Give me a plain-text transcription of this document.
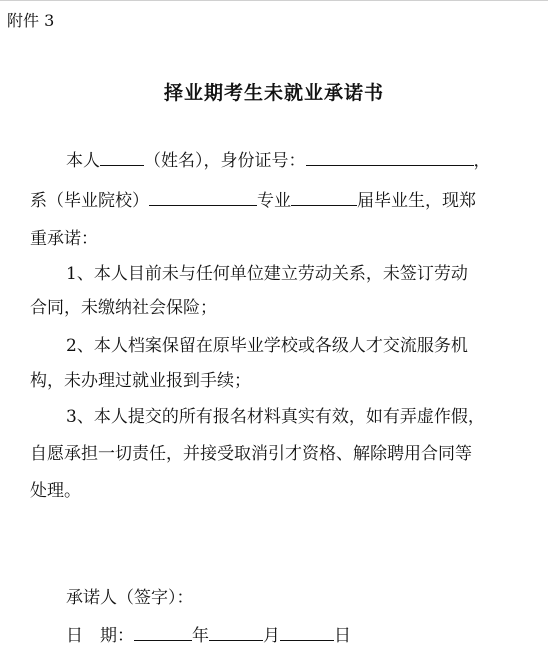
附件 3
择业期考生未就业承诺书
本人	（姓名），身份证号：	，
系（毕业院校）	专业	届毕业生，现郑
重承诺：
1、本人目前未与任何单位建立劳动关系，未签订劳动
合同，未缴纳社会保险；
2、本人档案保留在原毕业学校或各级人才交流服务机
构，未办理过就业报到手续；
3、本人提交的所有报名材料真实有效，如有弄虚作假，
自愿承担一切责任，并接受取消引才资格、解除聘用合同等
处理。
承诺人（签字）：
日　期：	年	月	日
